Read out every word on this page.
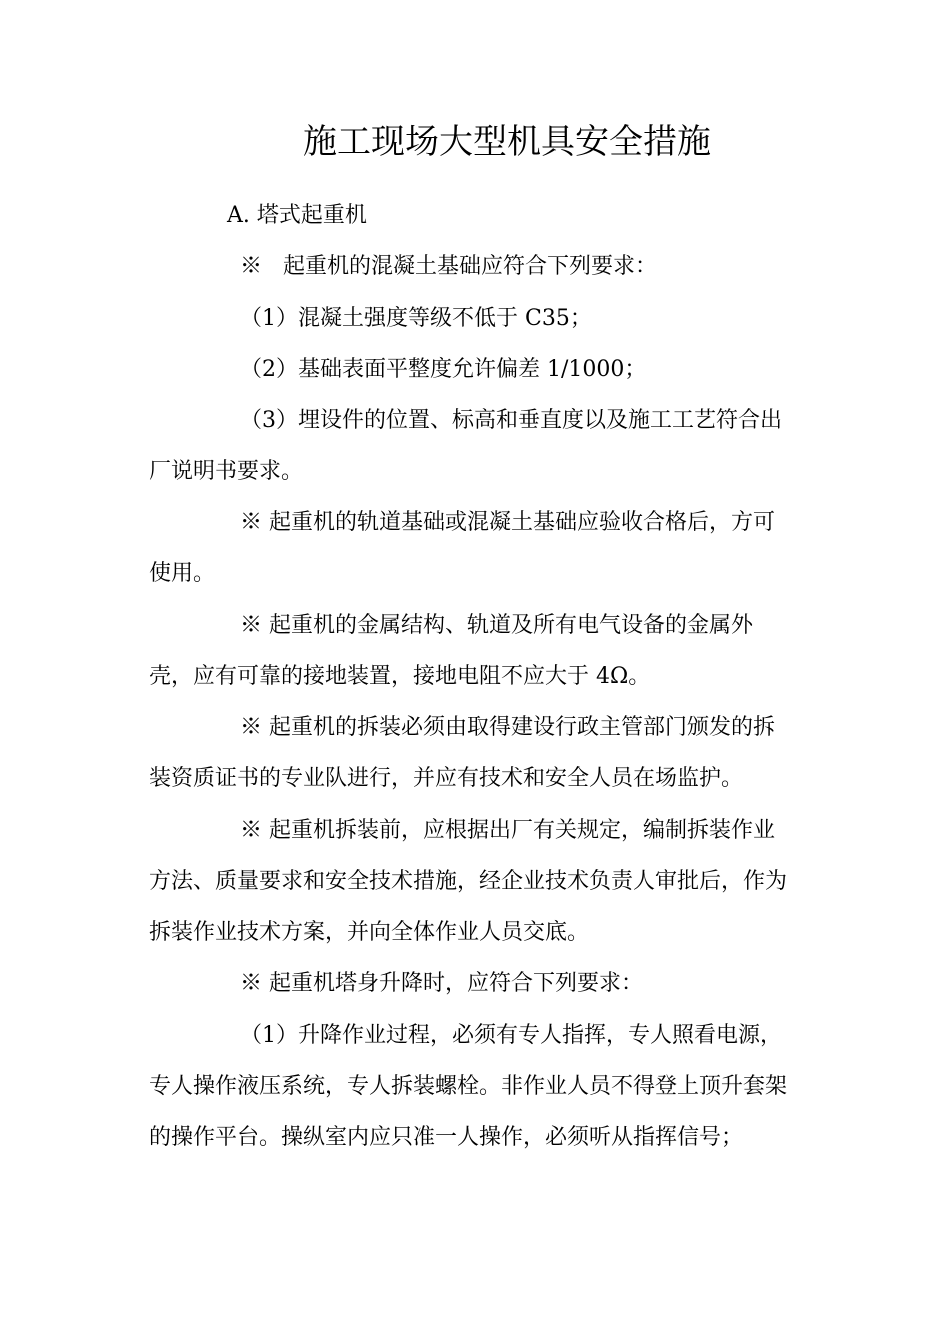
施工现场大型机具安全措施
A. 塔式起重机
※   起重机的混凝土基础应符合下列要求：
（1）混凝土强度等级不低于 C35；
（2）基础表面平整度允许偏差 1/1000；
（3）埋设件的位置、标高和垂直度以及施工工艺符合出
厂说明书要求。
※ 起重机的轨道基础或混凝土基础应验收合格后，方可
使用。
※ 起重机的金属结构、轨道及所有电气设备的金属外
壳，应有可靠的接地装置，接地电阻不应大于 4Ω。
※ 起重机的拆装必须由取得建设行政主管部门颁发的拆
装资质证书的专业队进行，并应有技术和安全人员在场监护。
※ 起重机拆装前，应根据出厂有关规定，编制拆装作业
方法、质量要求和安全技术措施，经企业技术负责人审批后，作为
拆装作业技术方案，并向全体作业人员交底。
※ 起重机塔身升降时，应符合下列要求：
（1）升降作业过程，必须有专人指挥，专人照看电源，
专人操作液压系统，专人拆装螺栓。非作业人员不得登上顶升套架
的操作平台。操纵室内应只准一人操作，必须听从指挥信号；
